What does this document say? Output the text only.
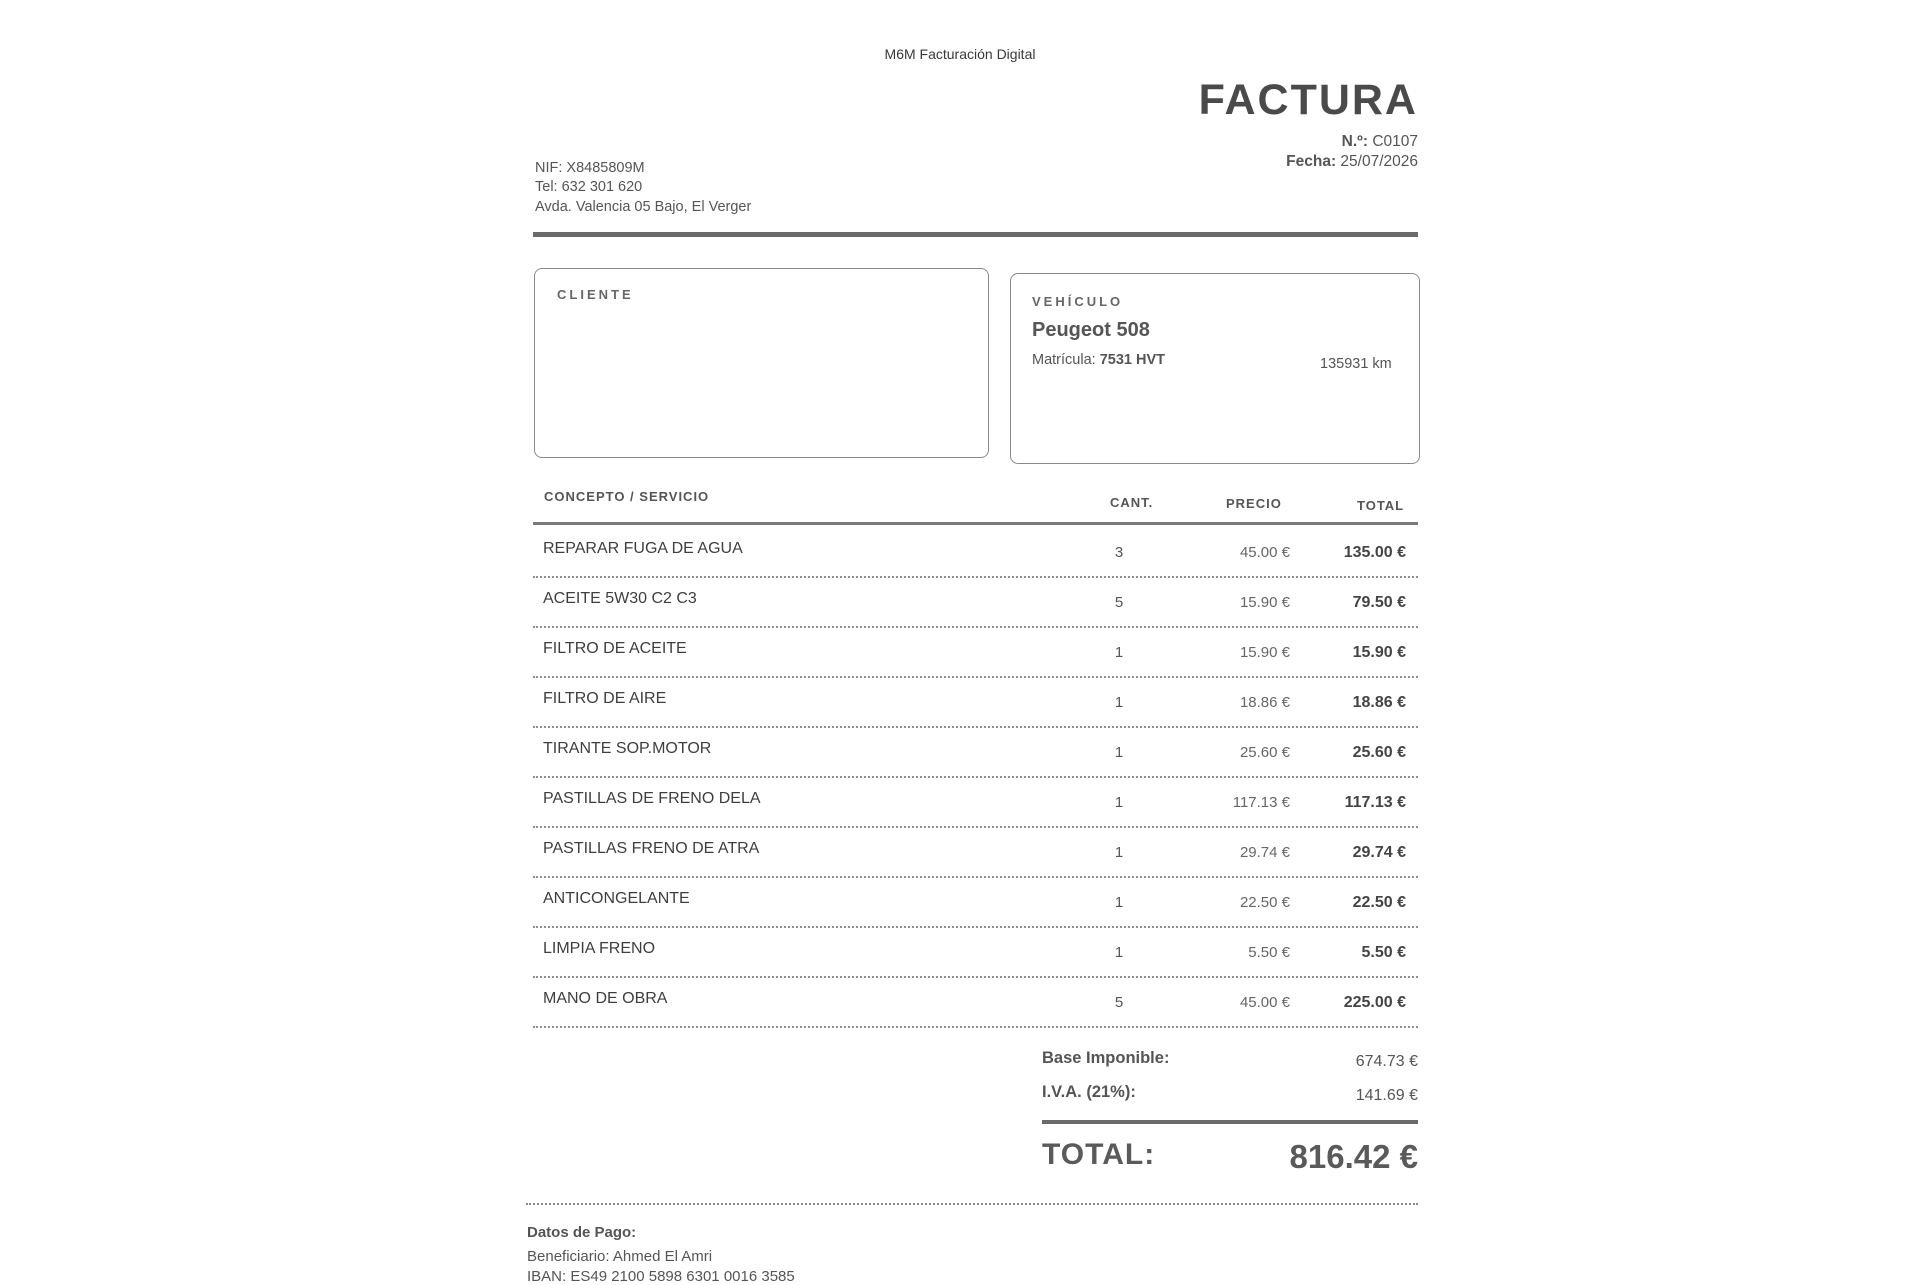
M6M Facturación Digital
FACTURA
N.º: C0107
Fecha: 25/07/2026
NIF: X8485809M
Tel: 632 301 620
Avda. Valencia 05 Bajo, El Verger
CLIENTE	VEHÍCULO
Peugeot 508
Matrícula: 7531 HVT	135931 km
CONCEPTO / SERVICIO	CANT.	PRECIO	TOTAL
REPARAR FUGA DE AGUA	3	45.00 €	135.00 €
ACEITE 5W30 C2 C3	5	15.90 €	79.50 €
FILTRO DE ACEITE	1	15.90 €	15.90 €
FILTRO DE AIRE	1	18.86 €	18.86 €
TIRANTE SOP.MOTOR	1	25.60 €	25.60 €
PASTILLAS DE FRENO DELA	1	117.13 €	117.13 €
PASTILLAS FRENO DE ATRA	1	29.74 €	29.74 €
ANTICONGELANTE	1	22.50 €	22.50 €
LIMPIA FRENO	1	5.50 €	5.50 €
MANO DE OBRA	5	45.00 €	225.00 €
Base Imponible:	674.73 €
I.V.A. (21%):	141.69 €
TOTAL:	816.42 €
Datos de Pago:
Beneficiario: Ahmed El Amri
IBAN: ES49 2100 5898 6301 0016 3585
